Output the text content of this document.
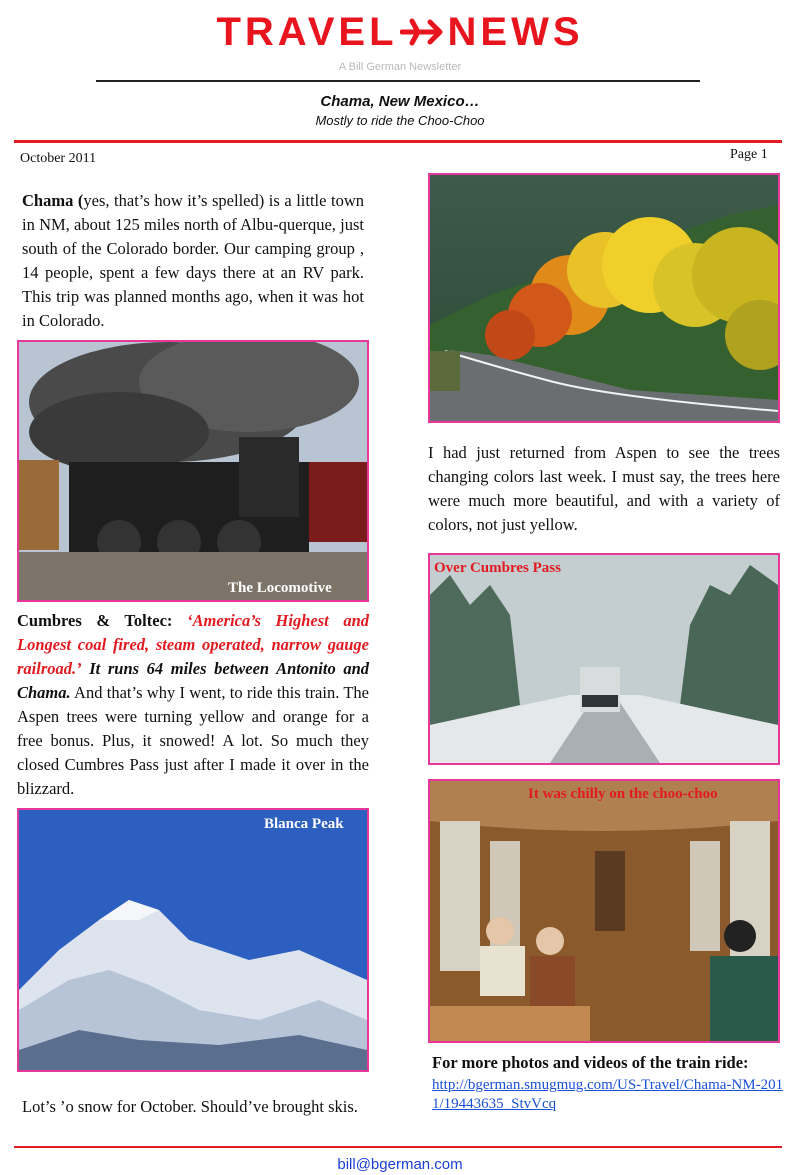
TRAVEL NEWS
A Bill German Newsletter
Chama, New Mexico…
Mostly to ride the Choo-Choo
October 2011	Page 1
Chama (yes, that’s how it’s spelled) is a little town in NM, about 125 miles north of Albu-querque, just south of the Colorado border. Our camping group , 14 people, spent a few days there at an RV park. This trip was planned months ago, when it was hot in Colorado.
The Locomotive
Cumbres & Toltec: ‘America’s Highest and Longest coal fired, steam operated, narrow gauge railroad.’ It runs 64 miles between Antonito and Chama. And that’s why I went, to ride this train. The Aspen trees were turning yellow and orange for a free bonus. Plus, it snowed! A lot. So much they closed Cumbres Pass just after I made it over in the blizzard.
I had just returned from Aspen to see the trees changing colors last week. I must say, the trees here were much more beautiful, and with a variety of colors, not just yellow.
Over Cumbres Pass
It was chilly on the choo-choo
Blanca Peak
Lot’s ’o snow for October. Should’ve brought skis.
For more photos and videos of the train ride:
http://bgerman.smugmug.com/US-Travel/Chama-NM-2011/19443635_StvVcq
bill@bgerman.com
